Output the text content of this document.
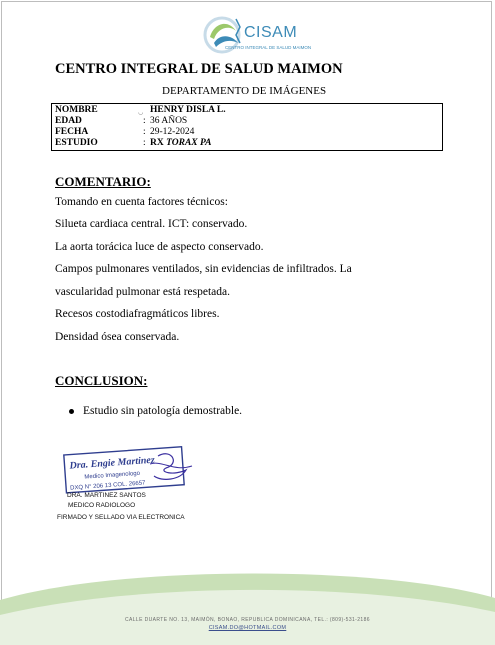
CISAM
CENTRO INTEGRAL DE SALUD MAIMON
CENTRO INTEGRAL DE SALUD MAIMON
DEPARTAMENTO DE IMÁGENES
NOMBRE	◡ HENRY DISLA L.
EDAD	: 36 AÑOS
FECHA	: 29-12-2024
ESTUDIO	: RX TORAX PA
COMENTARIO:
Tomando en cuenta factores técnicos:
Silueta cardiaca central. ICT: conservado.
La aorta torácica luce de aspecto conservado.
Campos pulmonares ventilados, sin evidencias de infiltrados. La
vascularidad pulmonar está respetada.
Recesos costodiafragmáticos libres.
Densidad ósea conservada.
CONCLUSION:
Estudio sin patología demostrable.
Dra. Engie Martinez
Medico Imagenologo
DXQ N° 206 13 COL. 26657
DRA. MARTINEZ SANTOS
MEDICO RADIOLOGO
FIRMADO Y SELLADO VIA ELECTRONICA
CALLE DUARTE NO. 13, MAIMÓN, BONAO, REPUBLICA DOMINICANA, TEL.: (809)-531-2186
CISAM.DO@HOTMAIL.COM
